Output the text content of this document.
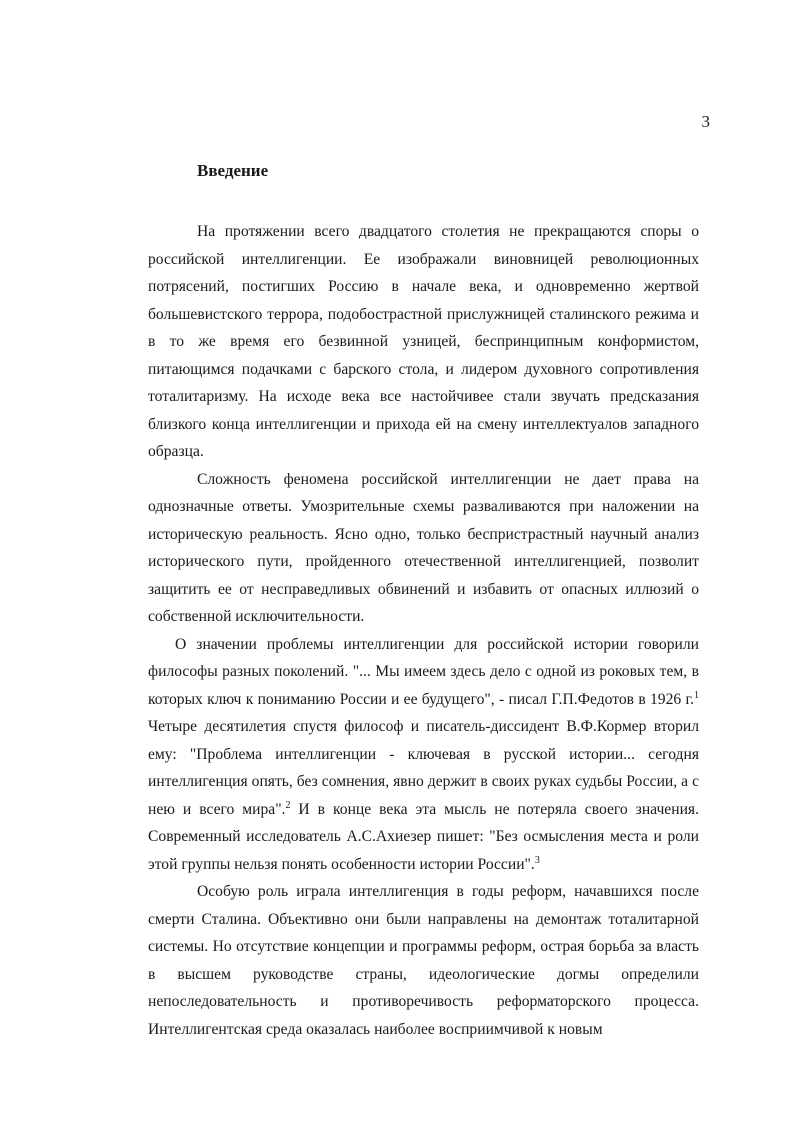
3
Введение

На протяжении всего двадцатого столетия не прекращаются споры о российской интеллигенции. Ее изображали виновницей революционных потрясений, постигших Россию в начале века, и одновременно жертвой большевистского террора, подобострастной прислужницей сталинского режима и в то же время его безвинной узницей, беспринципным конформистом, питающимся подачками с барского стола, и лидером духовного сопротивления тоталитаризму. На исходе века все настойчивее стали звучать предсказания близкого конца интеллигенции и прихода ей на смену интеллектуалов западного образца.

Сложность феномена российской интеллигенции не дает права на однозначные ответы. Умозрительные схемы разваливаются при наложении на историческую реальность. Ясно одно, только беспристрастный научный анализ исторического пути, пройденного отечественной интеллигенцией, позволит защитить ее от несправедливых обвинений и избавить от опасных иллюзий о собственной исключительности.

О значении проблемы интеллигенции для российской истории говорили философы разных поколений. "... Мы имеем здесь дело с одной из роковых тем, в которых ключ к пониманию России и ее будущего", - писал Г.П.Федотов в 1926 г.$^1$ Четыре десятилетия спустя философ и писатель-диссидент В.Ф.Кормер вторил ему: "Проблема интеллигенции - ключевая в русской истории... сегодня интеллигенция опять, без сомнения, явно держит в своих руках судьбы России, а с нею и всего мира".$^2$ И в конце века эта мысль не потеряла своего значения. Современный исследователь А.С.Ахиезер пишет: "Без осмысления места и роли этой группы нельзя понять особенности истории России".$^3$

Особую роль играла интеллигенция в годы реформ, начавшихся после смерти Сталина. Объективно они были направлены на демонтаж тоталитарной системы. Но отсутствие концепции и программы реформ, острая борьба за власть в высшем руководстве страны, идеологические догмы определили непоследовательность и противоречивость реформаторского процесса. Интеллигентская среда оказалась наиболее восприимчивой к новым
